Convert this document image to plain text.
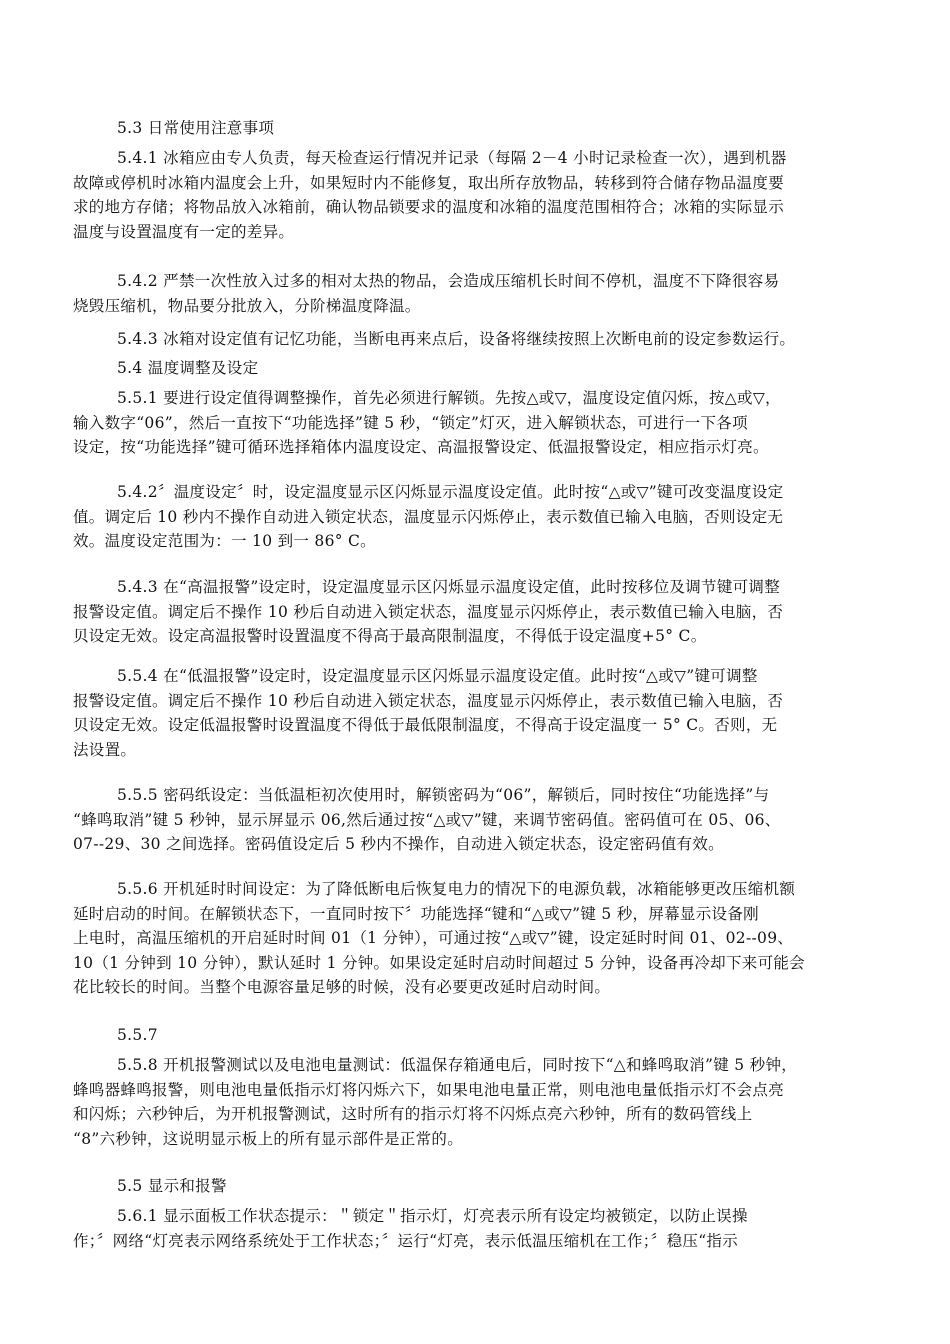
5.3 日常使用注意事项
5.4.1 冰箱应由专人负责，每天检查运行情况并记录（每隔 2－4 小时记录检查一次），遇到机器
故障或停机时冰箱内温度会上升，如果短时内不能修复，取出所存放物品，转移到符合储存物品温度要
求的地方存储；将物品放入冰箱前，确认物品锁要求的温度和冰箱的温度范围相符合；冰箱的实际显示
温度与设置温度有一定的差异。
5.4.2 严禁一次性放入过多的相对太热的物品，会造成压缩机长时间不停机，温度不下降很容易
烧毁压缩机，物品要分批放入，分阶梯温度降温。
5.4.3 冰箱对设定值有记忆功能，当断电再来点后，设备将继续按照上次断电前的设定参数运行。
5.4 温度调整及设定
5.5.1 要进行设定值得调整操作，首先必须进行解锁。先按△或▽，温度设定值闪烁，按△或▽，
输入数字“06”，然后一直按下“功能选择”键 5 秒，“锁定”灯灭，进入解锁状态，可进行一下各项
设定，按“功能选择”键可循环选择箱体内温度设定、高温报警设定、低温报警设定，相应指示灯亮。
5.4.2〞温度设定〞时，设定温度显示区闪烁显示温度设定值。此时按“△或▽”键可改变温度设定
值。调定后 10 秒内不操作自动进入锁定状态，温度显示闪烁停止，表示数值已输入电脑，否则设定无
效。温度设定范围为：一 10 到一 86° C。
5.4.3 在“高温报警”设定时，设定温度显示区闪烁显示温度设定值，此时按移位及调节键可调整
报警设定值。调定后不操作 10 秒后自动进入锁定状态，温度显示闪烁停止，表示数值已输入电脑，否
贝设定无效。设定高温报警时设置温度不得高于最高限制温度，不得低于设定温度+5° C。
5.5.4 在“低温报警”设定时，设定温度显示区闪烁显示温度设定值。此时按“△或▽”键可调整
报警设定值。调定后不操作 10 秒后自动进入锁定状态，温度显示闪烁停止，表示数值已输入电脑，否
贝设定无效。设定低温报警时设置温度不得低于最低限制温度，不得高于设定温度一 5° C。否则，无
法设置。
5.5.5 密码纸设定：当低温柜初次使用时，解锁密码为“06”，解锁后，同时按住“功能选择”与
“蜂鸣取消”键 5 秒钟，显示屏显示 06,然后通过按“△或▽”键，来调节密码值。密码值可在 05、06、
07--29、30 之间选择。密码值设定后 5 秒内不操作，自动进入锁定状态，设定密码值有效。
5.5.6 开机延时时间设定：为了降低断电后恢复电力的情况下的电源负载，冰箱能够更改压缩机额
延时启动的时间。在解锁状态下，一直同时按下〞功能选择“键和“△或▽”键 5 秒，屏幕显示设备刚
上电时，高温压缩机的开启延时时间 01（1 分钟），可通过按“△或▽”键，设定延时时间 01、02--09、
10（1 分钟到 10 分钟），默认延时 1 分钟。如果设定延时启动时间超过 5 分钟，设备再冷却下来可能会
花比较长的时间。当整个电源容量足够的时候，没有必要更改延时启动时间。
5.5.7
5.5.8 开机报警测试以及电池电量测试：低温保存箱通电后，同时按下“△和蜂鸣取消”键 5 秒钟，
蜂鸣器蜂鸣报警，则电池电量低指示灯将闪烁六下，如果电池电量正常，则电池电量低指示灯不会点亮
和闪烁；六秒钟后，为开机报警测试，这时所有的指示灯将不闪烁点亮六秒钟，所有的数码管线上
“8”六秒钟，这说明显示板上的所有显示部件是正常的。
5.5 显示和报警
5.6.1 显示面板工作状态提示：＂锁定＂指示灯，灯亮表示所有设定均被锁定，以防止误操
作；〞网络“灯亮表示网络系统处于工作状态；〞运行“灯亮，表示低温压缩机在工作；〞稳压“指示
